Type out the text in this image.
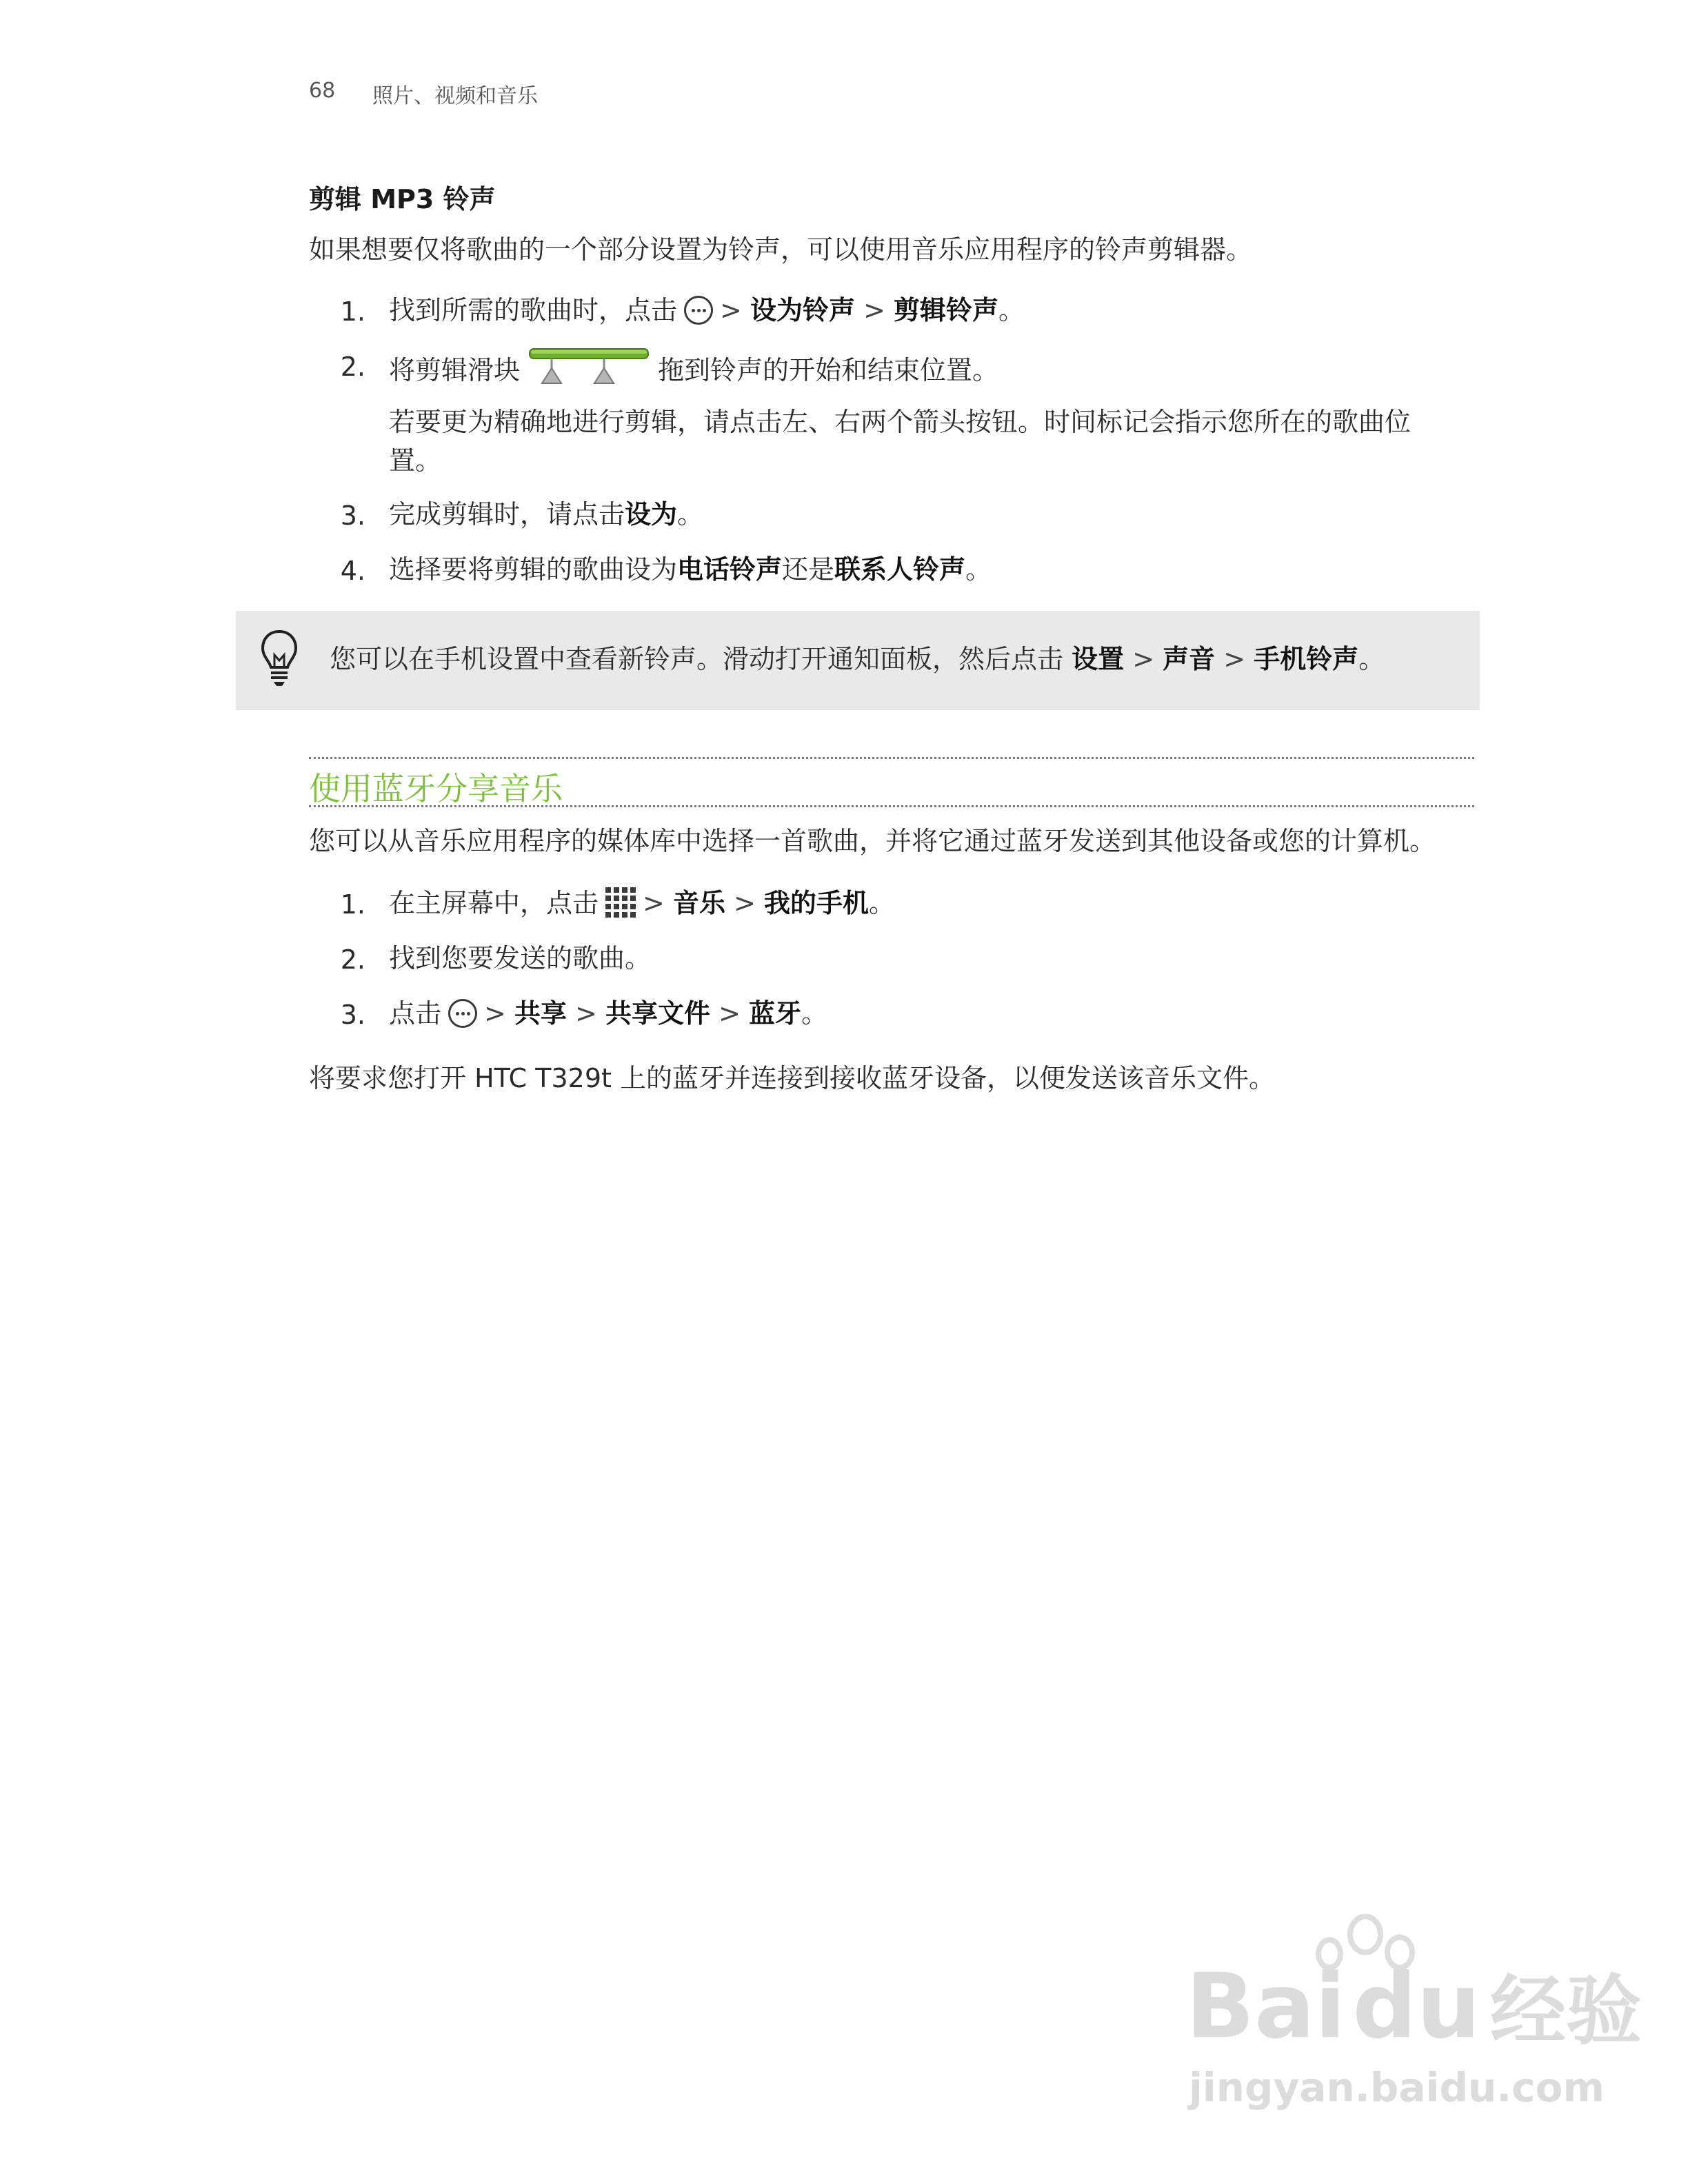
68 照片、视频和音乐
剪辑 MP3 铃声
如果想要仅将歌曲的一个部分设置为铃声，可以使用音乐应用程序的铃声剪辑器。
1. 找到所需的歌曲时，点击 > 设为铃声 > 剪辑铃声。
2. 将剪辑滑块	拖到铃声的开始和结束位置。
若要更为精确地进行剪辑，请点击左、右两个箭头按钮。时间标记会指示您所在的歌曲位
置。
3. 完成剪辑时，请点击设为。
4. 选择要将剪辑的歌曲设为电话铃声还是联系人铃声。
您可以在手机设置中查看新铃声。滑动打开通知面板，然后点击 设置 > 声音 > 手机铃声。
使用蓝牙分享音乐
您可以从音乐应用程序的媒体库中选择一首歌曲，并将它通过蓝牙发送到其他设备或您的计算机。
1. 在主屏幕中，点击 > 音乐 > 我的手机。
2. 找到您要发送的歌曲。
3. 点击 > 共享 > 共享文件 > 蓝牙。
将要求您打开 HTC T329t 上的蓝牙并连接到接收蓝牙设备，以便发送该音乐文件。
Baidu 经验
jingyan.baidu.com
